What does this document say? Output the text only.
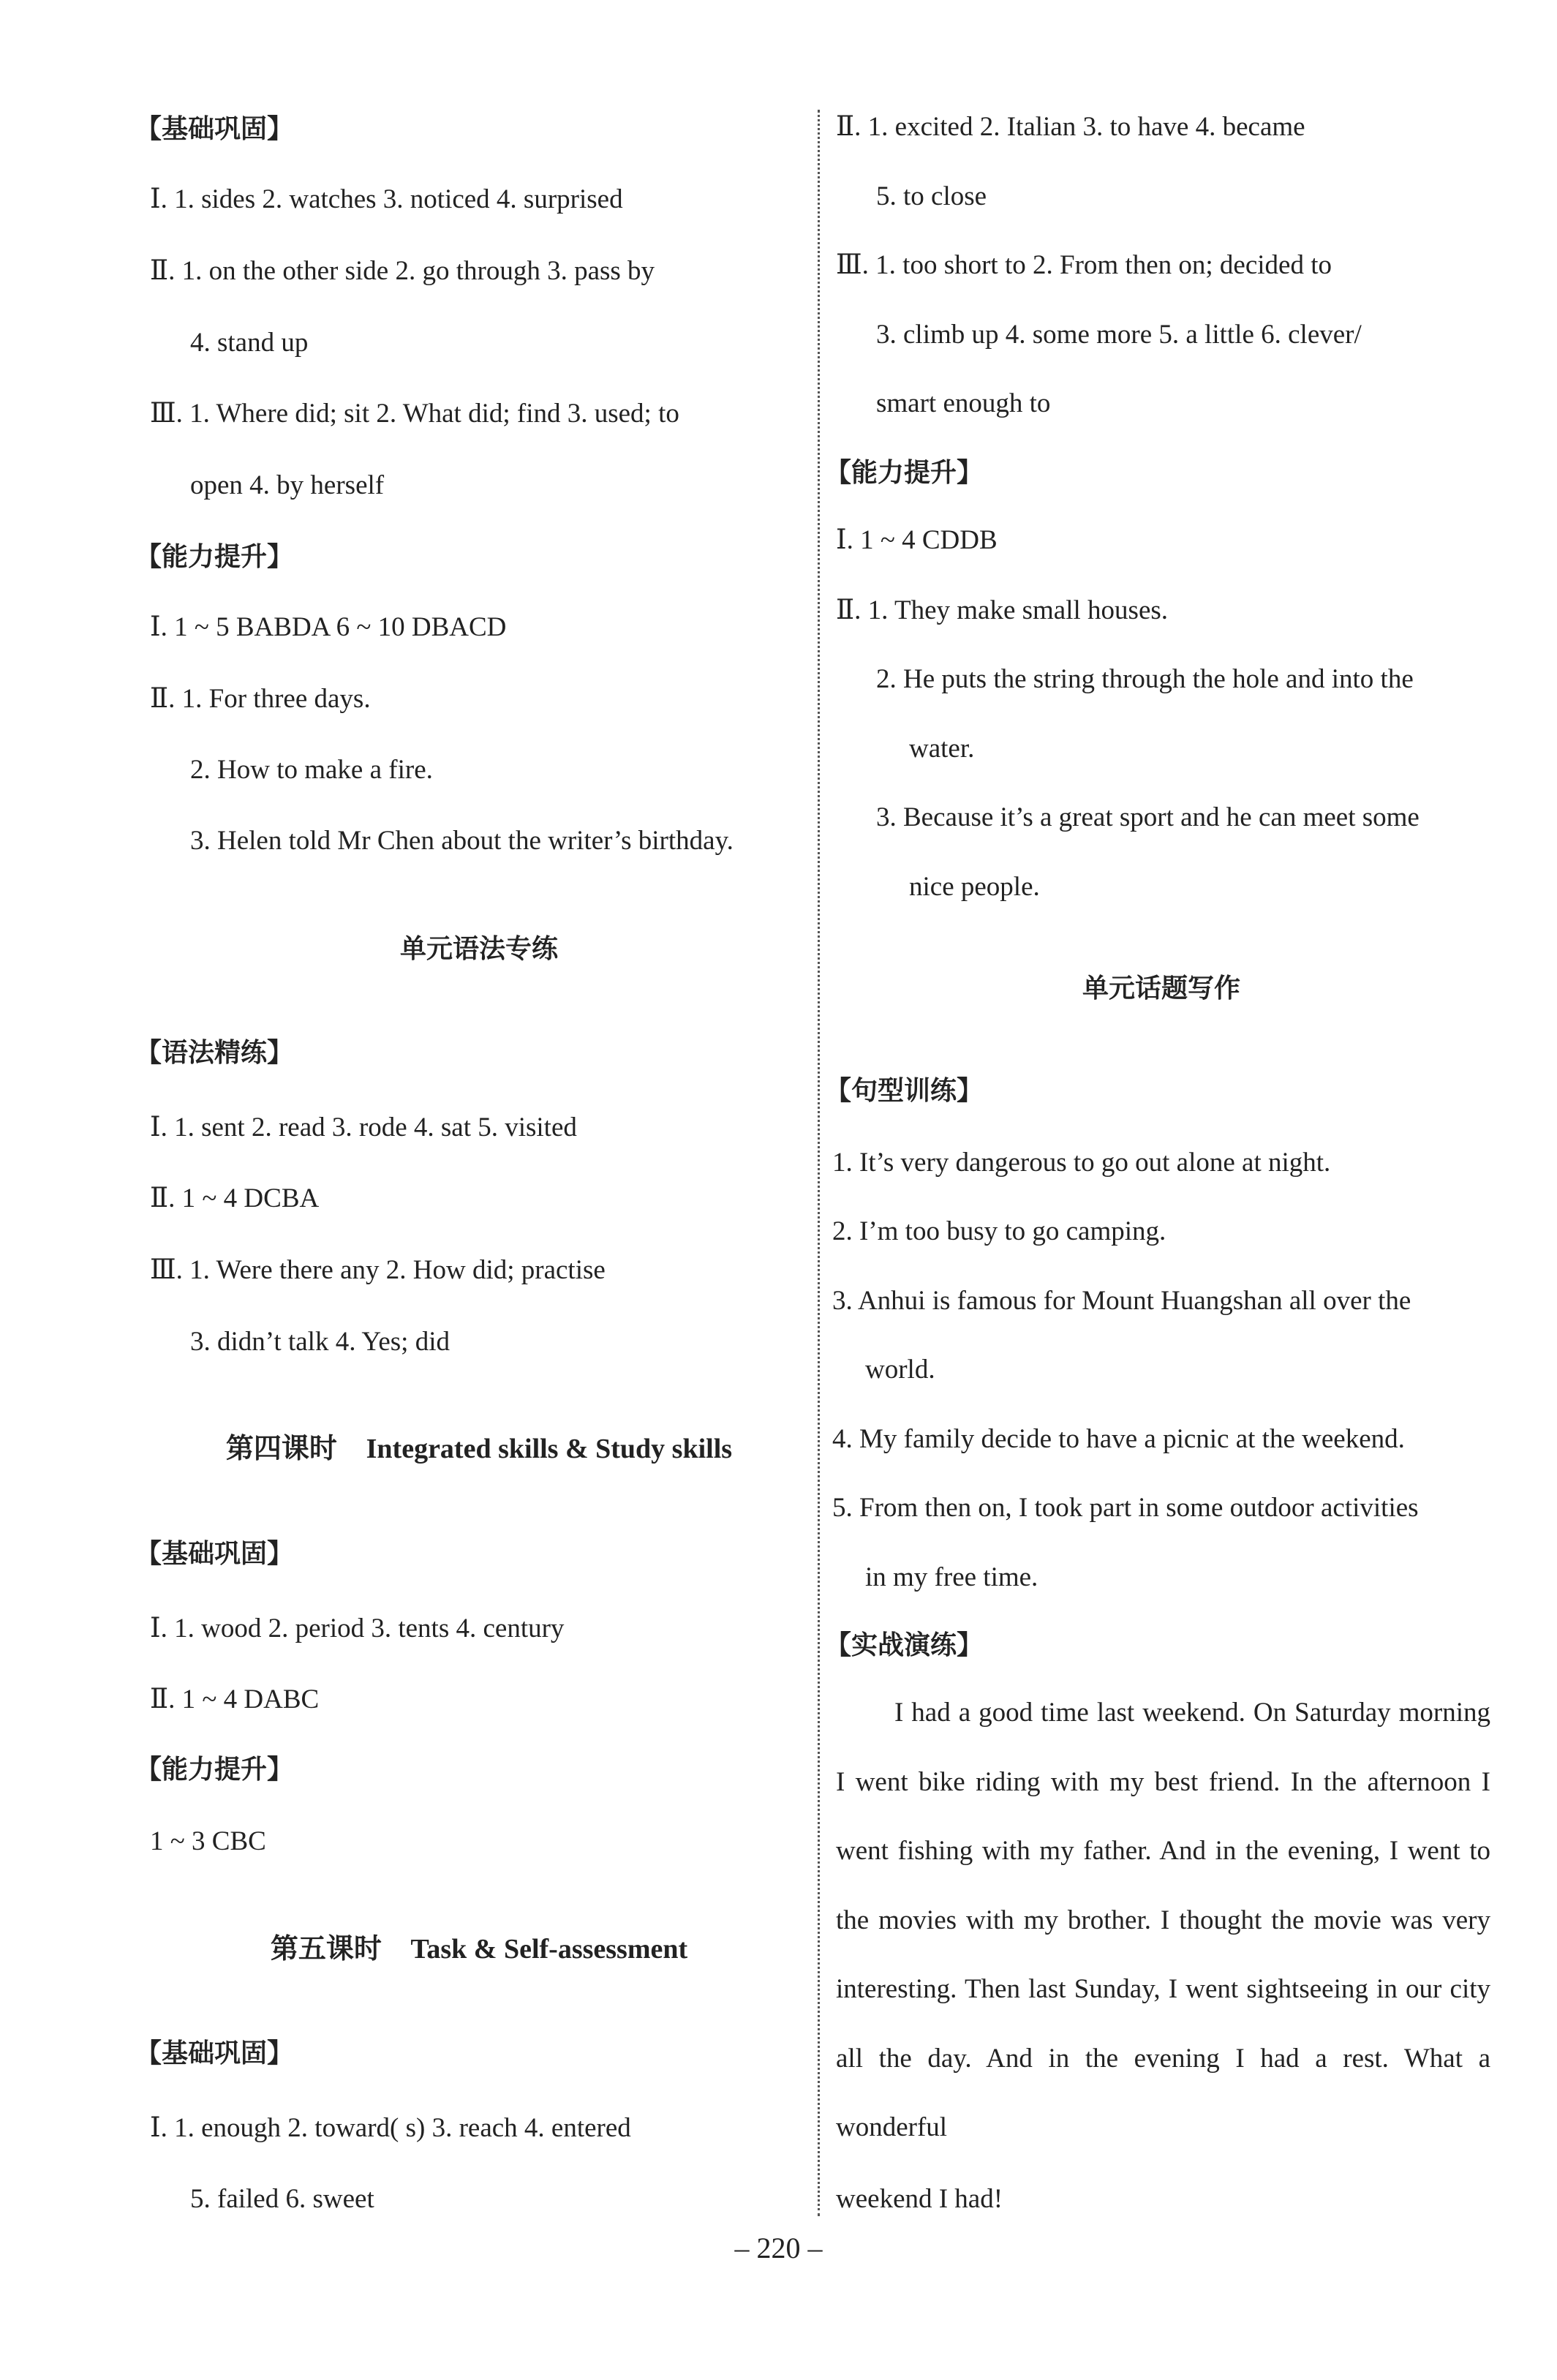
【基础巩固】
Ⅰ. 1. sides 2. watches 3. noticed 4. surprised
Ⅱ. 1. on the other side 2. go through 3. pass by
4. stand up
Ⅲ. 1. Where did; sit 2. What did; find 3. used; to
open 4. by herself
【能力提升】
Ⅰ. 1 ~ 5 BABDA 6 ~ 10 DBACD
Ⅱ. 1. For three days.
2. How to make a fire.
3. Helen told Mr Chen about the writer’s birthday.
单元语法专练
【语法精练】
Ⅰ. 1. sent 2. read 3. rode 4. sat 5. visited
Ⅱ. 1 ~ 4 DCBA
Ⅲ. 1. Were there any 2. How did; practise
3. didn’t talk 4. Yes; did
第四课时 Integrated skills & Study skills
【基础巩固】
Ⅰ. 1. wood 2. period 3. tents 4. century
Ⅱ. 1 ~ 4 DABC
【能力提升】
1 ~ 3 CBC
第五课时 Task & Self-assessment
【基础巩固】
Ⅰ. 1. enough 2. toward( s) 3. reach 4. entered
5. failed 6. sweet
Ⅱ. 1. excited 2. Italian 3. to have 4. became
5. to close
Ⅲ. 1. too short to 2. From then on; decided to
3. climb up 4. some more 5. a little 6. clever/
smart enough to
【能力提升】
Ⅰ. 1 ~ 4 CDDB
Ⅱ. 1. They make small houses.
2. He puts the string through the hole and into the
water.
3. Because it’s a great sport and he can meet some
nice people.
单元话题写作
【句型训练】
1. It’s very dangerous to go out alone at night.
2. I’m too busy to go camping.
3. Anhui is famous for Mount Huangshan all over the
world.
4. My family decide to have a picnic at the weekend.
5. From then on, I took part in some outdoor activities
in my free time.
【实战演练】
I had a good time last weekend. On Saturday morning I went bike riding with my best friend. In the afternoon I went fishing with my father. And in the evening, I went to the movies with my brother. I thought the movie was very interesting. Then last Sunday, I went sightseeing in our city all the day. And in the evening I had a rest. What a wonderful
weekend I had!
– 220 –
